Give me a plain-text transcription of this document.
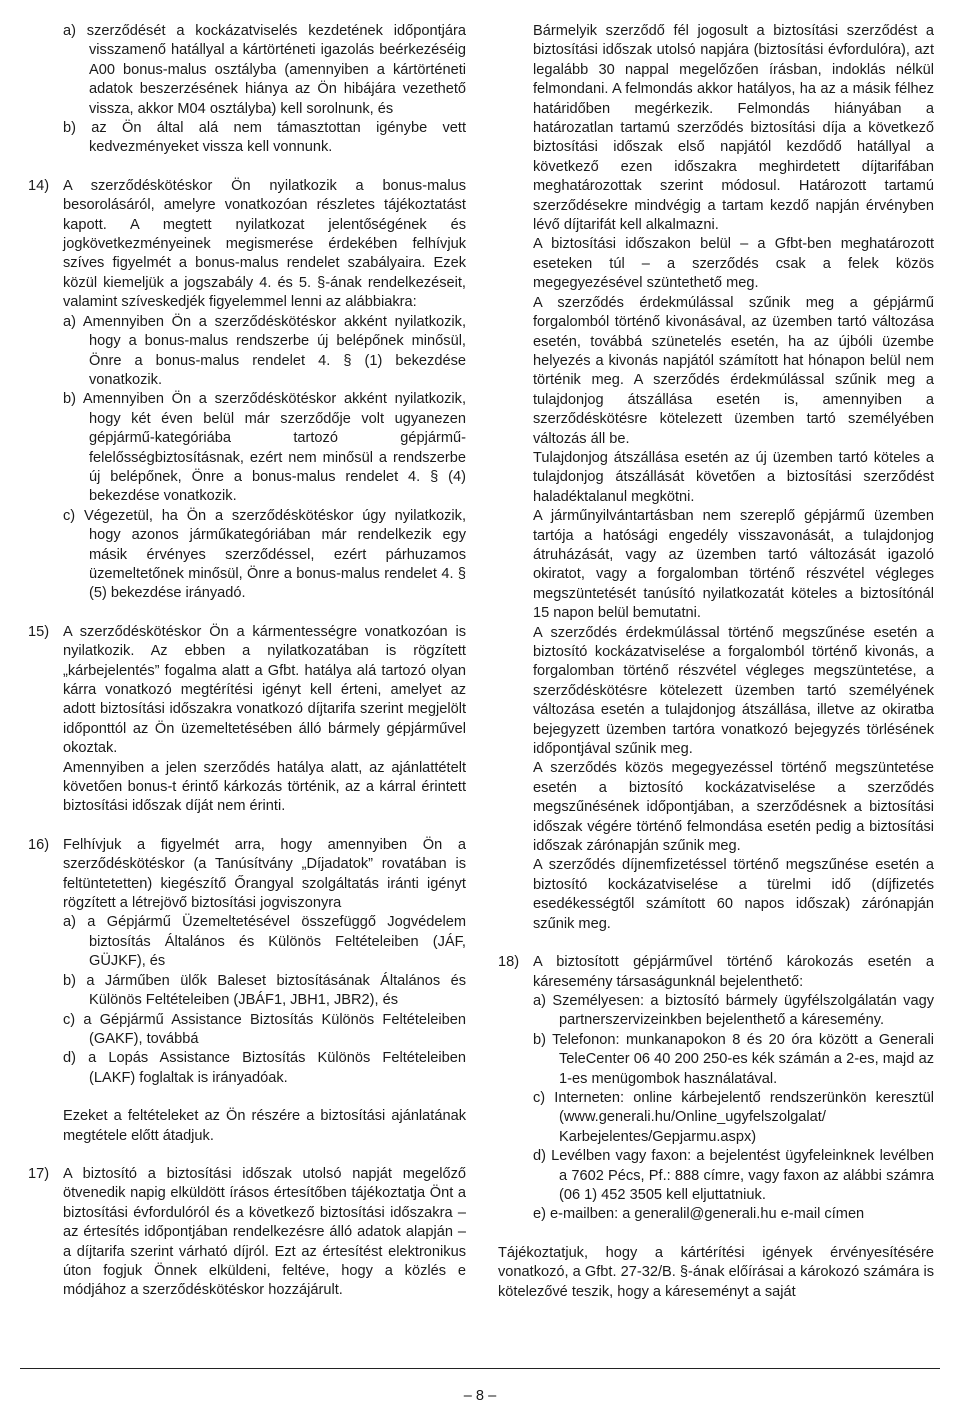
a) szerződését a kockázatviselés kezdetének időpontjára visszamenő hatállyal a kártörténeti igazolás beérkezéséig A00 bonus-malus osztályba (amennyiben a kártörténeti adatok beszerzésének hiánya az Ön hibájára vezethető vissza, akkor M04 osztályba) kell sorolnunk, és

b) az Ön által alá nem támasztottan igénybe vett kedvezményeket vissza kell vonnunk.

14) A szerződéskötéskor Ön nyilatkozik a bonus-malus besorolásáról, amelyre vonatkozóan részletes tájékoztatást kapott. A megtett nyilatkozat jelentőségének és jogkövetkezményeinek megismerése érdekében felhívjuk szíves figyelmét a bonus-malus rendelet szabályaira. Ezek közül kiemeljük a jogszabály 4. és 5. §-ának rendelkezéseit, valamint szíveskedjék figyelemmel lenni az alábbiakra:

a) Amennyiben Ön a szerződéskötéskor akként nyilatkozik, hogy a bonus-malus rendszerbe új belépőnek minősül, Önre a bonus-malus rendelet 4. § (1) bekezdése vonatkozik.

b) Amennyiben Ön a szerződéskötéskor akként nyilatkozik, hogy két éven belül már szerződője volt ugyanezen gépjármű-kategóriába tartozó gépjármű-felelősségbiztosításnak, ezért nem minősül a rendszerbe új belépőnek, Önre a bonus-malus rendelet 4. § (4) bekezdése vonatkozik.

c) Végezetül, ha Ön a szerződéskötéskor úgy nyilatkozik, hogy azonos járműkategóriában már rendelkezik egy másik érvényes szerződéssel, ezért párhuzamos üzemeltetőnek minősül, Önre a bonus-malus rendelet 4. § (5) bekezdése irányadó.

15) A szerződéskötéskor Ön a kármentességre vonatkozóan is nyilatkozik. Az ebben a nyilatkozatában is rögzített „kárbejelentés” fogalma alatt a Gfbt. hatálya alá tartozó olyan kárra vonatkozó megtérítési igényt kell érteni, amelyet az adott biztosítási időszakra vonatkozó díjtarifa szerint megjelölt időponttól az Ön üzemeltetésében álló bármely gépjárművel okoztak.

Amennyiben a jelen szerződés hatálya alatt, az ajánlattételt követően bonus-t érintő kárkozás történik, az a kárral érintett biztosítási időszak díját nem érinti.

16) Felhívjuk a figyelmét arra, hogy amennyiben Ön a szerződéskötéskor (a Tanúsítvány „Díjadatok” rovatában is feltüntetetten) kiegészítő Őrangyal szolgáltatás iránti igényt rögzített a létrejövő biztosítási jogviszonyra

a) a Gépjármű Üzemeltetésével összefüggő Jogvédelem biztosítás Általános és Különös Feltételeiben (JÁF, GÜJKF), és

b) a Járműben ülők Baleset biztosításának Általános és Különös Feltételeiben (JBÁF1, JBH1, JBR2), és

c) a Gépjármű Assistance Biztosítás Különös Feltételeiben (GAKF), továbbá

d) a Lopás Assistance Biztosítás Különös Feltételeiben (LAKF) foglaltak is irányadóak.

Ezeket a feltételeket az Ön részére a biztosítási ajánlatának megtétele előtt átadjuk.

17) A biztosító a biztosítási időszak utolsó napját megelőző ötvenedik napig elküldött írásos értesítőben tájékoztatja Önt a biztosítási évfordulóról és a következő biztosítási időszakra – az értesítés időpontjában rendelkezésre álló adatok alapján – a díjtarifa szerint várható díjról. Ezt az értesítést elektronikus úton fogjuk Önnek elküldeni, feltéve, hogy a közlés e módjához a szerződéskötéskor hozzájárult.

Bármelyik szerződő fél jogosult a biztosítási szerződést a biztosítási időszak utolsó napjára (biztosítási évfordulóra), azt legalább 30 nappal megelőzően írásban, indoklás nélkül felmondani. A felmondás akkor hatályos, ha az a másik félhez határidőben megérkezik. Felmondás hiányában a határozatlan tartamú szerződés biztosítási díja a következő biztosítási időszak első napjától kezdődő hatállyal a következő ezen időszakra meghirdetett díjtarifában meghatározottak szerint módosul. Határozott tartamú szerződésekre mindvégig a tartam kezdő napján érvényben lévő díjtarifát kell alkalmazni.

A biztosítási időszakon belül – a Gfbt-ben meghatározott eseteken túl – a szerződés csak a felek közös megegyezésével szüntethető meg.

A szerződés érdekmúlással szűnik meg a gépjármű forgalomból történő kivonásával, az üzemben tartó változása esetén, továbbá szünetelés esetén, ha az újbóli üzembe helyezés a kivonás napjától számított hat hónapon belül nem történik meg. A szerződés érdekmúlással szűnik meg a tulajdonjog átszállása esetén is, amennyiben a szerződéskötésre kötelezett üzemben tartó személyében változás áll be.

Tulajdonjog átszállása esetén az új üzemben tartó köteles a tulajdonjog átszállását követően a biztosítási szerződést haladéktalanul megkötni.

A járműnyilvántartásban nem szereplő gépjármű üzemben tartója a hatósági engedély visszavonását, a tulajdonjog átruházását, vagy az üzemben tartó változását igazoló okiratot, vagy a forgalomban történő részvétel végleges megszüntetését tanúsító nyilatkozatát köteles a biztosítónál 15 napon belül bemutatni.

A szerződés érdekmúlással történő megszűnése esetén a biztosító kockázatviselése a forgalomból történő kivonás, a forgalomban történő részvétel végleges megszüntetése, a szerződéskötésre kötelezett üzemben tartó személyének változása esetén a tulajdonjog átszállása, illetve az okiratba bejegyzett üzemben tartóra vonatkozó bejegyzés törlésének időpontjával szűnik meg.

A szerződés közös megegyezéssel történő megszüntetése esetén a biztosító kockázatviselése a szerződés megszűnésének időpontjában, a szerződésnek a biztosítási időszak végére történő felmondása esetén pedig a biztosítási időszak zárónapján szűnik meg.

A szerződés díjnemfizetéssel történő megszűnése esetén a biztosító kockázatviselése a türelmi idő (díjfizetés esedékességtől számított 60 napos időszak) zárónapján szűnik meg.

18) A biztosított gépjárművel történő károkozás esetén a káresemény társaságunknál bejelenthető:

a) Személyesen: a biztosító bármely ügyfélszolgálatán vagy partnerszervizeinkben bejelenthető a káresemény.

b) Telefonon: munkanapokon 8 és 20 óra között a Generali TeleCenter 06 40 200 250-es kék számán a 2-es, majd az 1-es menügombok használatával.

c) Interneten: online kárbejelentő rendszerünkön keresztül (www.generali.hu/Online_ugyfelszolgalat/ Karbejelentes/Gepjarmu.aspx)

d) Levélben vagy faxon: a bejelentést ügyfeleinknek levélben a 7602 Pécs, Pf.: 888 címre, vagy faxon az alábbi számra (06 1) 452 3505 kell eljuttatniuk.

e) e-mailben: a generalil@generali.hu e-mail címen

Tájékoztatjuk, hogy a kártérítési igények érvényesítésére vonatkozó, a Gfbt. 27-32/B. §-ának előírásai a károkozó számára is kötelezővé teszik, hogy a káreseményt a saját

– 8 –
